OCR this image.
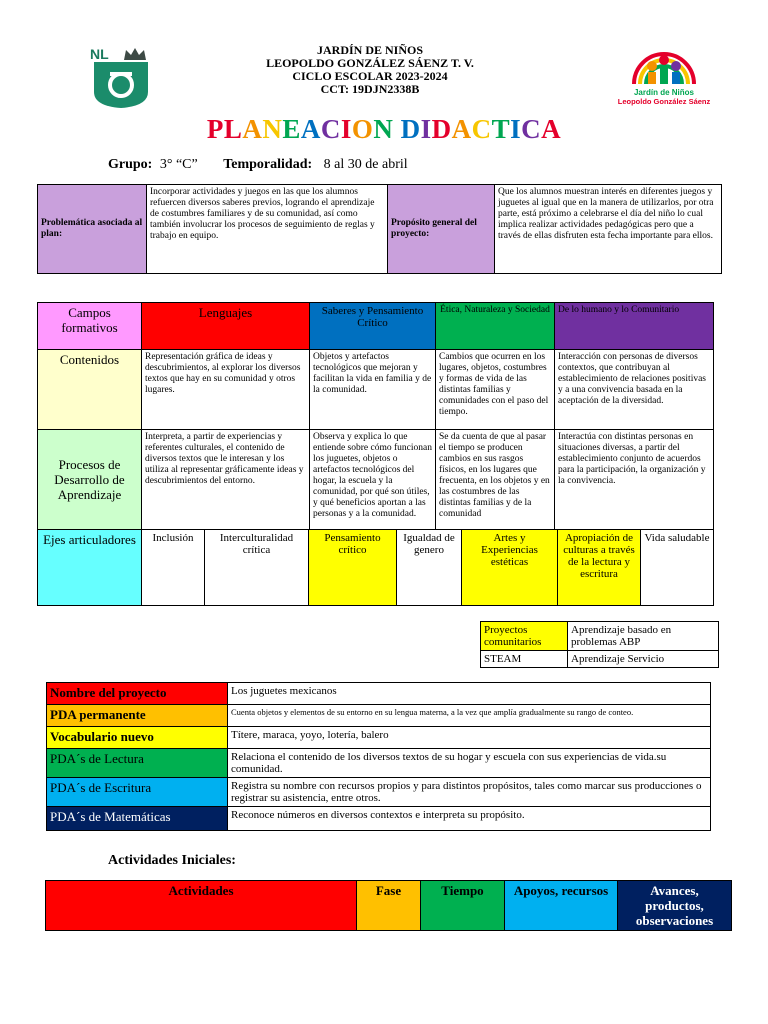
NL	JARDÍN DE NIÑOS
LEOPOLDO GONZÁLEZ SÁENZ T. V.
CICLO ESCOLAR 2023-2024
CCT: 19DJN2338B	Jardín de Niños
Leopoldo González Sáenz
PLANEACION DIDACTICA
Grupo: 3° “C” Temporalidad: 8 al 30 de abril
Problemática asociada al plan:	Incorporar actividades y juegos en las que los alumnos refuercen diversos saberes previos, logrando el aprendizaje de costumbres familiares y de su comunidad, así como también involucrar los procesos de seguimiento de reglas y trabajo en equipo.	Propósito general del proyecto:	Que los alumnos muestran interés en diferentes juegos y juguetes al igual que en la manera de utilizarlos, por otra parte, está próximo a celebrarse el día del niño lo cual implica realizar actividades pedagógicas pero que a través de ellas disfruten esta fecha importante para ellos.
Campos formativos	Lenguajes	Saberes y Pensamiento Crítico	Ética, Naturaleza y Sociedad	De lo humano y lo Comunitario
Contenidos	Representación gráfica de ideas y descubrimientos, al explorar los diversos textos que hay en su comunidad y otros lugares.	Objetos y artefactos tecnológicos que mejoran y facilitan la vida en familia y de la comunidad.	Cambios que ocurren en los lugares, objetos, costumbres y formas de vida de las distintas familias y comunidades con el paso del tiempo.	Interacción con personas de diversos contextos, que contribuyan al establecimiento de relaciones positivas y a una convivencia basada en la aceptación de la diversidad.
Procesos de Desarrollo de Aprendizaje	Interpreta, a partir de experiencias y referentes culturales, el contenido de diversos textos que le interesan y los utiliza al representar gráficamente ideas y descubrimientos del entorno.	Observa y explica lo que entiende sobre cómo funcionan los juguetes, objetos o artefactos tecnológicos del hogar, la escuela y la comunidad, por qué son útiles, y qué beneficios aportan a las personas y a la comunidad.	Se da cuenta de que al pasar el tiempo se producen cambios en sus rasgos físicos, en los lugares que frecuenta, en los objetos y en las costumbres de las distintas familias y de la comunidad	Interactúa con distintas personas en situaciones diversas, a partir del establecimiento conjunto de acuerdos para la participación, la organización y la convivencia.
Ejes articuladores	Inclusión	Interculturalidad crítica	Pensamiento crítico	Igualdad de genero	Artes y Experiencias estéticas	Apropiación de culturas a través de la lectura y escritura	Vida saludable
Proyectos comunitarios	Aprendizaje basado en problemas ABP
STEAM	Aprendizaje Servicio
Nombre del proyecto	Los juguetes mexicanos
PDA permanente	Cuenta objetos y elementos de su entorno en su lengua materna, a la vez que amplía gradualmente su rango de conteo.
Vocabulario nuevo	Títere, maraca, yoyo, lotería, balero
PDA´s de Lectura	Relaciona el contenido de los diversos textos de su hogar y escuela con sus experiencias de vida.su comunidad.
PDA´s de Escritura	Registra su nombre con recursos propios y para distintos propósitos, tales como marcar sus producciones o registrar su asistencia, entre otros.
PDA´s de Matemáticas	Reconoce números en diversos contextos e interpreta su propósito.
Actividades Iniciales:
Actividades	Fase	Tiempo	Apoyos, recursos	Avances, productos, observaciones
